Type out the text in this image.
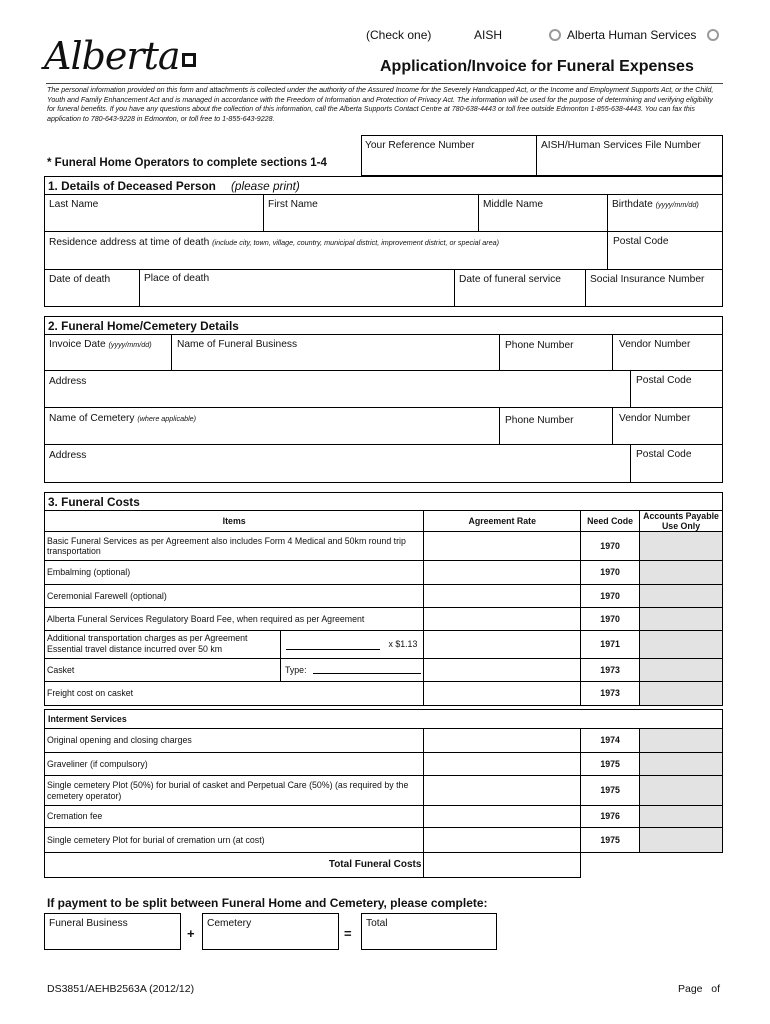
(Check one)	AISH	Alberta Human Services
Alberta	Application/Invoice for Funeral Expenses
The personal information provided on this form and attachments is collected under the authority of the Assured Income for the Severely Handicapped Act, or the Income and Employment Supports Act, or the Child, Youth and Family Enhancement Act and is managed in accordance with the Freedom of Information and Protection of Privacy Act. The information will be used for the purpose of determining and verifying eligibility for funeral benefits. If you have any questions about the collection of this information, call the Alberta Supports Contact Centre at 780-638-4443 or toll free outside Edmonton 1-855-638-4443. You can fax this application to 780-643-9228 in Edmonton, or toll free to 1-855-643-9228.
* Funeral Home Operators to complete sections 1-4
Your Reference Number	AISH/Human Services File Number
1. Details of Deceased Person (please print)
Last Name	First Name	Middle Name	Birthdate (yyyy/mm/dd)
Residence address at time of death (include city, town, village, country, municipal district, improvement district, or special area)	Postal Code
Date of death	Place of death	Date of funeral service	Social Insurance Number
2. Funeral Home/Cemetery Details
Invoice Date (yyyy/mm/dd)	Name of Funeral Business	Phone Number	Vendor Number
Address	Postal Code
Name of Cemetery (where applicable)	Phone Number	Vendor Number
Address	Postal Code
3. Funeral Costs
Items	Agreement Rate	Need Code	Accounts Payable Use Only
Basic Funeral Services as per Agreement also includes Form 4 Medical and 50km round trip transportation		1970	
Embalming (optional)		1970	
Ceremonial Farewell (optional)		1970	
Alberta Funeral Services Regulatory Board Fee, when required as per Agreement		1970	

Additional transportation charges as per Agreement
Essential travel distance incurred over 50 km x $1.13		1971	

Casket Type:		1973	
Freight cost on casket		1973	
Interment Services
Original opening and closing charges		1974	
Graveliner (if compulsory)		1975	
Single cemetery Plot (50%) for burial of casket and Perpetual Care (50%) (as required by the cemetery operator)		1975	
Cremation fee		1976	
Single cemetery Plot for burial of cremation urn (at cost)		1975	
Total Funeral Costs			
If payment to be split between Funeral Home and Cemetery, please complete:
Funeral Business
+
Cemetery
=
Total
DS3851/AEHB2563A (2012/12)	Page   of
